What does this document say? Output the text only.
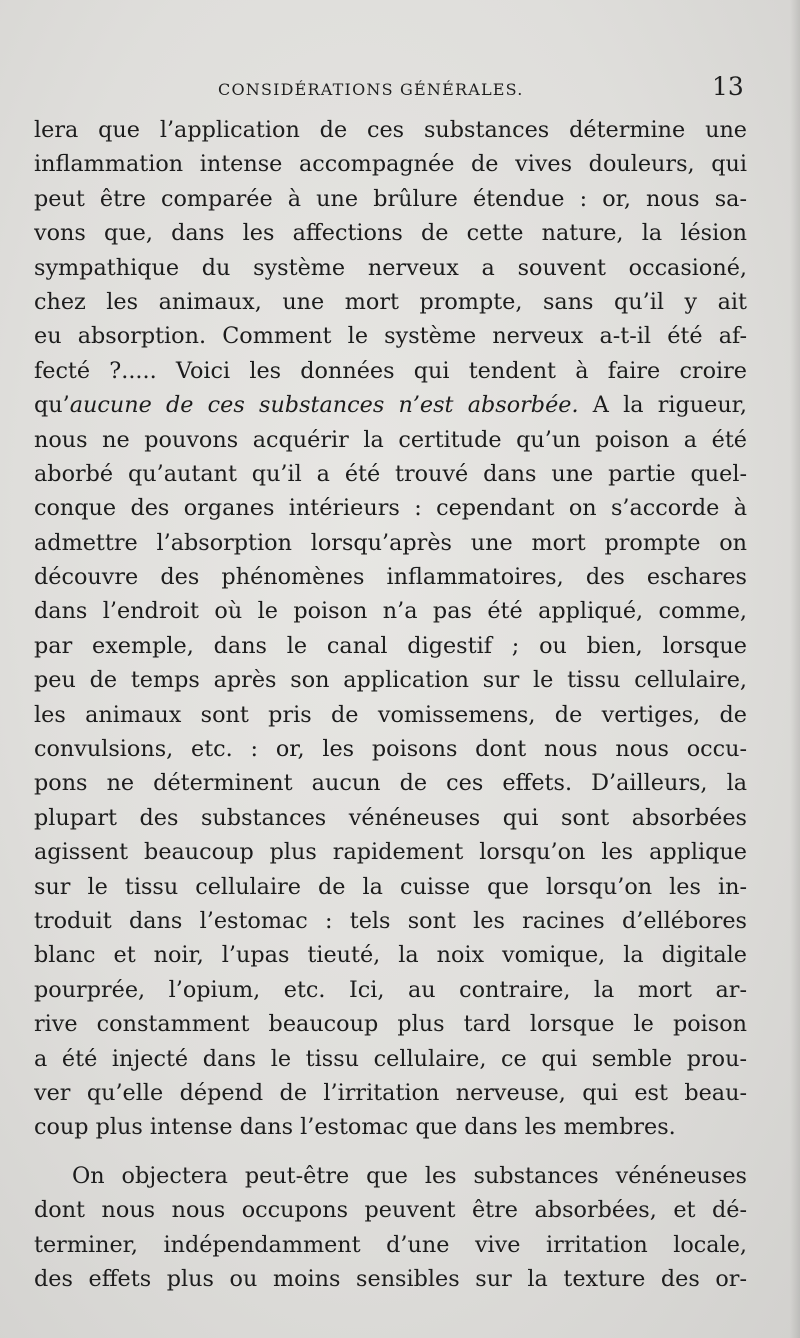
CONSIDÉRATIONS GÉNÉRALES.	13
lera que l’application de ces substances détermine une
inflammation intense accompagnée de vives douleurs, qui
peut être comparée à une brûlure étendue : or, nous sa-
vons que, dans les affections de cette nature, la lésion
sympathique du système nerveux a souvent occasioné,
chez les animaux, une mort prompte, sans qu’il y ait
eu absorption. Comment le système nerveux a-t-il été af-
fecté ?..... Voici les données qui tendent à faire croire
qu’aucune de ces substances n’est absorbée. A la rigueur,
nous ne pouvons acquérir la certitude qu’un poison a été
aborbé qu’autant qu’il a été trouvé dans une partie quel-
conque des organes intérieurs : cependant on s’accorde à
admettre l’absorption lorsqu’après une mort prompte on
découvre des phénomènes inflammatoires, des eschares
dans l’endroit où le poison n’a pas été appliqué, comme,
par exemple, dans le canal digestif ; ou bien, lorsque
peu de temps après son application sur le tissu cellulaire,
les animaux sont pris de vomissemens, de vertiges, de
convulsions, etc. : or, les poisons dont nous nous occu-
pons ne déterminent aucun de ces effets. D’ailleurs, la
plupart des substances vénéneuses qui sont absorbées
agissent beaucoup plus rapidement lorsqu’on les applique
sur le tissu cellulaire de la cuisse que lorsqu’on les in-
troduit dans l’estomac : tels sont les racines d’ellébores
blanc et noir, l’upas tieuté, la noix vomique, la digitale
pourprée, l’opium, etc. Ici, au contraire, la mort ar-
rive constamment beaucoup plus tard lorsque le poison
a été injecté dans le tissu cellulaire, ce qui semble prou-
ver qu’elle dépend de l’irritation nerveuse, qui est beau-
coup plus intense dans l’estomac que dans les membres.
On objectera peut-être que les substances vénéneuses
dont nous nous occupons peuvent être absorbées, et dé-
terminer, indépendamment d’une vive irritation locale,
des effets plus ou moins sensibles sur la texture des or-
